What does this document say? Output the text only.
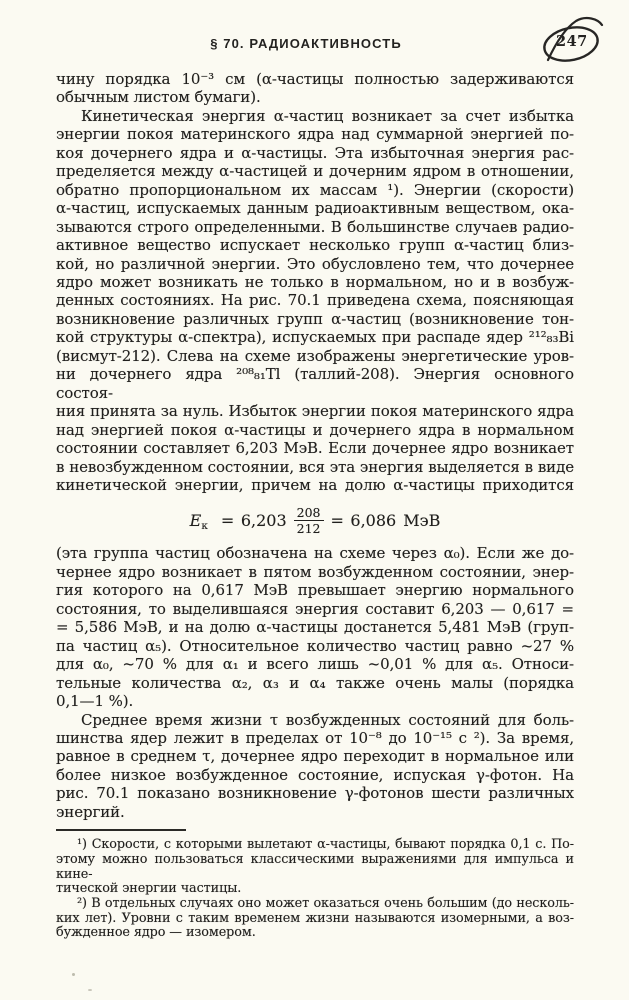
§ 70. РАДИОАКТИВНОСТЬ	247
чину порядка 10⁻³ см (α-частицы полностью задерживаются
обычным листом бумаги).
Кинетическая энергия α-частиц возникает за счет избытка
энергии покоя материнского ядра над суммарной энергией по-
коя дочернего ядра и α-частицы. Эта избыточная энергия рас-
пределяется между α-частицей и дочерним ядром в отношении,
обратно пропорциональном их массам ¹). Энергии (скорости)
α-частиц, испускаемых данным радиоактивным веществом, ока-
зываются строго определенными. В большинстве случаев радио-
активное вещество испускает несколько групп α-частиц близ-
кой, но различной энергии. Это обусловлено тем, что дочернее
ядро может возникать не только в нормальном, но и в возбуж-
денных состояниях. На рис. 70.1 приведена схема, поясняющая
возникновение различных групп α-частиц (возникновение тон-
кой структуры α-спектра), испускаемых при распаде ядер ²¹²₈₃Bi
(висмут-212). Слева на схеме изображены энергетические уров-
ни дочернего ядра ²⁰⁸₈₁Tl (таллий-208). Энергия основного состоя-
ния принята за нуль. Избыток энергии покоя материнского ядра
над энергией покоя α-частицы и дочернего ядра в нормальном
состоянии составляет 6,203 МэВ. Если дочернее ядро возникает
в невозбужденном состоянии, вся эта энергия выделяется в виде
кинетической энергии, причем на долю α-частицы приходится
Eк = $6,203 \frac{208}{212} = 6,086$ МэВ
(эта группа частиц обозначена на схеме через α₀). Если же до-
чернее ядро возникает в пятом возбужденном состоянии, энер-
гия которого на 0,617 МэВ превышает энергию нормального
состояния, то выделившаяся энергия составит 6,203 — 0,617 =
= 5,586 МэВ, и на долю α-частицы достанется 5,481 МэВ (груп-
па частиц α₅). Относительное количество частиц равно ~27 %
для α₀, ~70 % для α₁ и всего лишь ~0,01 % для α₅. Относи-
тельные количества α₂, α₃ и α₄ также очень малы (порядка
0,1—1 %).
Среднее время жизни τ возбужденных состояний для боль-
шинства ядер лежит в пределах от 10⁻⁸ до 10⁻¹⁵ с ²). За время,
равное в среднем τ, дочернее ядро переходит в нормальное или
более низкое возбужденное состояние, испуская γ-фотон. На
рис. 70.1 показано возникновение γ-фотонов шести различных
энергий.
¹) Скорости, с которыми вылетают α-частицы, бывают порядка 0,1 c. По-
этому можно пользоваться классическими выражениями для импульса и кине-
тической энергии частицы.
²) В отдельных случаях оно может оказаться очень большим (до несколь-
ких лет). Уровни с таким временем жизни называются изомерными, а воз-
бужденное ядро — изомером.
